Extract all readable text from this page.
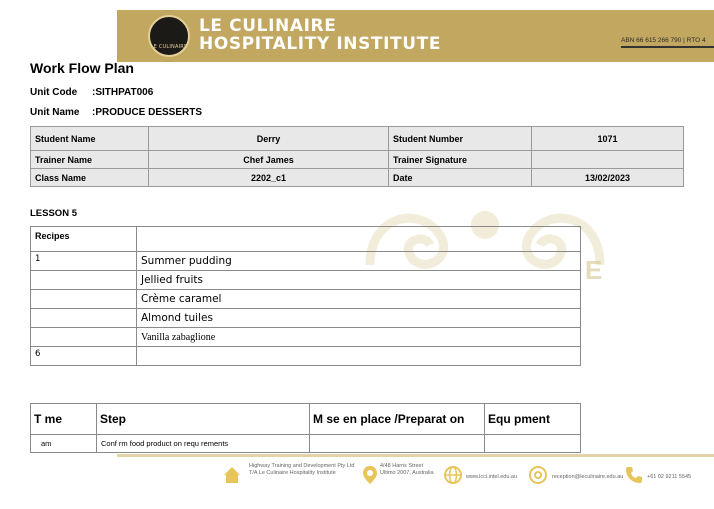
LE CULINAIRE
LE CULINAIRE
HOSPITALITY INSTITUTE	ABN 66 615 266 790 | RTO 4
E
Work Flow Plan
Unit Code :SITHPAT006
Unit Name :PRODUCE DESSERTS
Student Name	Derry	Student Number	1071
Trainer Name	Chef James	Trainer Signature	
Class Name	2202_c1	Date	13/02/2023
LESSON 5
Recipes	
1	Summer pudding
	Jellied fruits
	Crème caramel
	Almond tuiles
	Vanilla zabaglione
6	
T me	Step	M se en place /Preparat on	Equ pment
am	Conf rm food product on requ rements		
Highway Training and Development Pty Ltd
T/A Le Culinaire Hospitality Institute
4/48 Harris Street
Ultimo 2007, Australia
www.lcci.intel.edu.au	reception@leculinaire.edu.au	+61 02 9211 5545
